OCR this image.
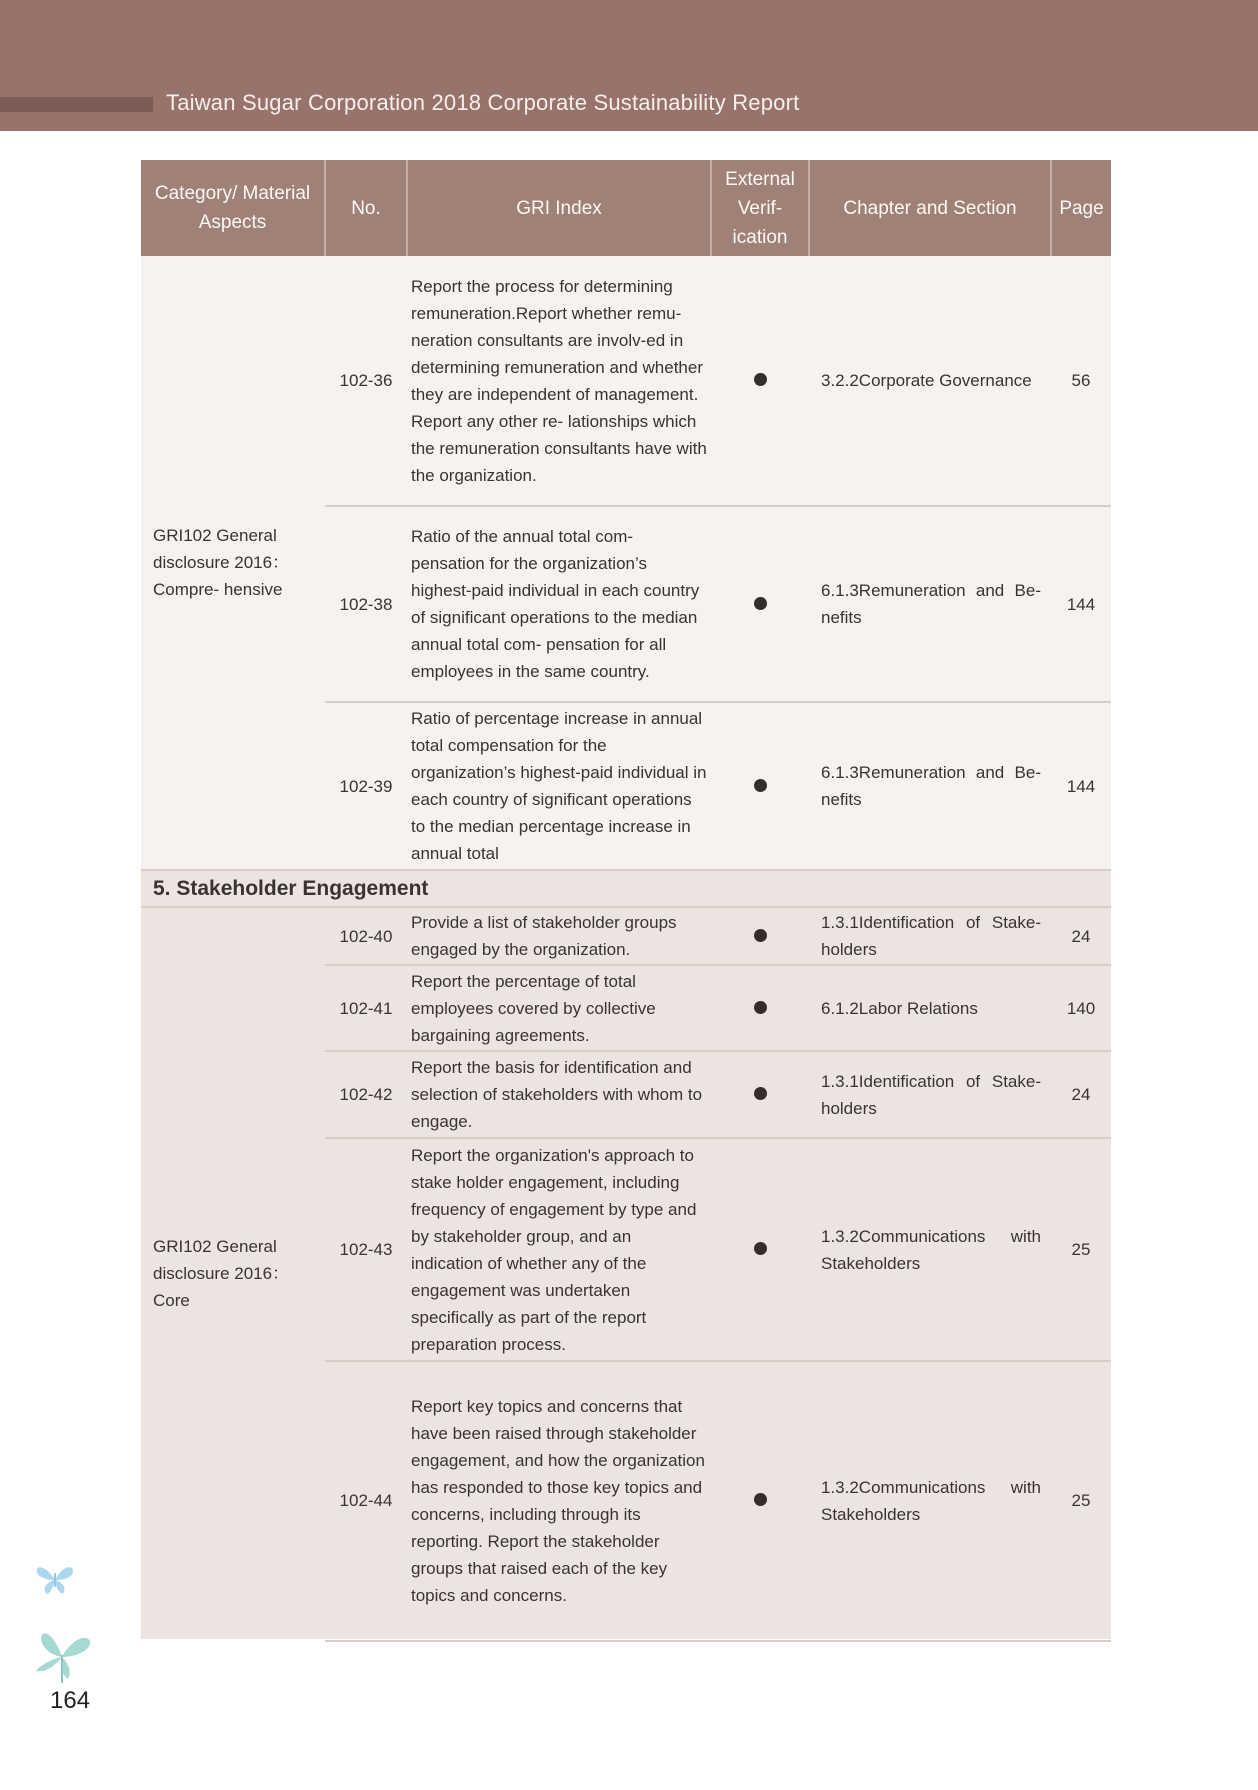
Taiwan Sugar Corporation 2018 Corporate Sustainability Report
Category/ Material Aspects	No.	GRI Index	External Verif- ication	Chapter and Section	Page
GRI102 General disclosure 2016：Compre- hensive	102-36	Report the process for determining remuneration.Report whether remu- neration consultants are involv-ed in determining remuneration and whether they are independent of management. Report any other re- lationships which the remuneration consultants have with the organization.		3.2.2Corporate Governance	56
	102-38	Ratio of the annual total com- pensation for the organization’s highest-paid individual in each country of significant operations to the median annual total com- pensation for all employees in the same country.		6.1.3Remuneration and Be- nefits	144
	102-39	Ratio of percentage increase in annual total compensation for the organization’s highest-paid individual in each country of significant operations to the median percentage increase in annual total		6.1.3Remuneration and Be- nefits	144
5. Stakeholder Engagement					
GRI102 General disclosure 2016：Core	102-40	Provide a list of stakeholder groups engaged by the organization.		1.3.1Identification of Stake- holders	24
	102-41	Report the percentage of total employees covered by collective bargaining agreements.		6.1.2Labor Relations	140
	102-42	Report the basis for identification and selection of stakeholders with whom to engage.		1.3.1Identification of Stake- holders	24
	102-43	Report the organization's approach to stake holder engagement, including frequency of engagement by type and by stakeholder group, and an indication of whether any of the engagement was undertaken specifically as part of the report preparation process.		1.3.2Communications with Stakeholders	25
	102-44	Report key topics and concerns that have been raised through stakeholder engagement, and how the organization has responded to those key topics and concerns, including through its reporting. Report the stakeholder groups that raised each of the key topics and concerns.		1.3.2Communications with Stakeholders	25
164
